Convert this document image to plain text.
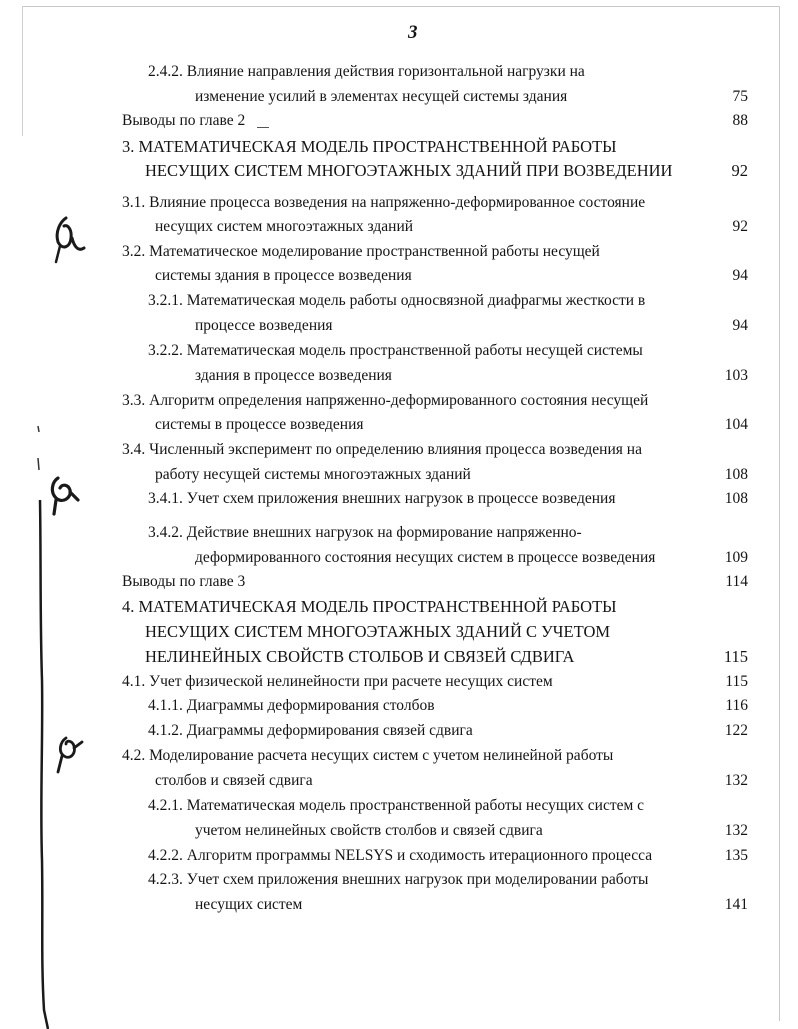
3
2.4.2. Влияние направления действия горизонтальной нагрузки на
изменение усилий в элементах несущей системы здания	75
Выводы по главе 2	88
3. МАТЕМАТИЧЕСКАЯ МОДЕЛЬ ПРОСТРАНСТВЕННОЙ РАБОТЫ
НЕСУЩИХ СИСТЕМ МНОГОЭТАЖНЫХ ЗДАНИЙ ПРИ ВОЗВЕДЕНИИ	92
3.1. Влияние процесса возведения на напряженно-деформированное состояние
несущих систем многоэтажных зданий	92
3.2. Математическое моделирование пространственной работы несущей
системы здания в процессе возведения	94
3.2.1. Математическая модель работы односвязной диафрагмы жесткости в
процессе возведения	94
3.2.2. Математическая модель пространственной работы несущей системы
здания в процессе возведения	103
3.3. Алгоритм определения напряженно-деформированного состояния несущей
системы в процессе возведения	104
3.4. Численный эксперимент по определению влияния процесса возведения на
работу несущей системы многоэтажных зданий	108
3.4.1. Учет схем приложения внешних нагрузок в процессе возведения	108
3.4.2. Действие внешних нагрузок на формирование напряженно-
деформированного состояния несущих систем в процессе возведения	109
Выводы по главе 3	114
4. МАТЕМАТИЧЕСКАЯ МОДЕЛЬ ПРОСТРАНСТВЕННОЙ РАБОТЫ
НЕСУЩИХ СИСТЕМ МНОГОЭТАЖНЫХ ЗДАНИЙ С УЧЕТОМ
НЕЛИНЕЙНЫХ СВОЙСТВ СТОЛБОВ И СВЯЗЕЙ СДВИГА	115
4.1. Учет физической нелинейности при расчете несущих систем	115
4.1.1. Диаграммы деформирования столбов	116
4.1.2. Диаграммы деформирования связей сдвига	122
4.2. Моделирование расчета несущих систем с учетом нелинейной работы
столбов и связей сдвига	132
4.2.1. Математическая модель пространственной работы несущих систем с
учетом нелинейных свойств столбов и связей сдвига	132
4.2.2. Алгоритм программы NELSYS и сходимость итерационного процесса	135
4.2.3. Учет схем приложения внешних нагрузок при моделировании работы
несущих систем	141
